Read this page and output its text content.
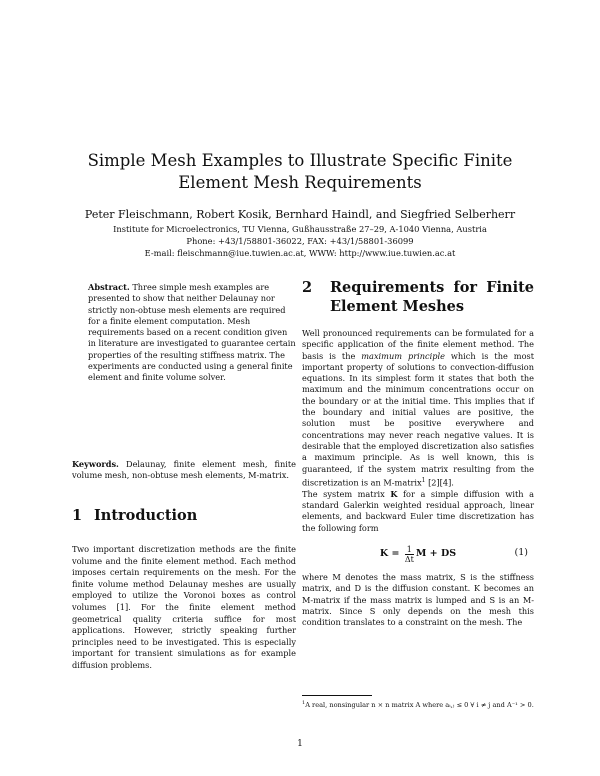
Simple Mesh Examples to Illustrate Specific Finite Element Mesh Requirements
Peter Fleischmann, Robert Kosik, Bernhard Haindl, and Siegfried Selberherr
Institute for Microelectronics, TU Vienna, Gußhausstraße 27–29, A-1040 Vienna, Austria
Phone: +43/1/58801-36022, FAX: +43/1/58801-36099
E-mail: fleischmann@iue.tuwien.ac.at, WWW: http://www.iue.tuwien.ac.at
Abstract. Three simple mesh examples are presented to show that neither Delaunay nor strictly non-obtuse mesh elements are required for a finite element computation. Mesh requirements based on a recent condition given in literature are investigated to guarantee certain properties of the resulting stiffness matrix. The experiments are conducted using a general finite element and finite volume solver.
Keywords. Delaunay, finite element mesh, finite volume mesh, non-obtuse mesh elements, M-matrix.
1 Introduction
Two important discretization methods are the finite volume and the finite element method. Each method imposes certain requirements on the mesh. For the finite volume method Delaunay meshes are usually employed to utilize the Voronoi boxes as control volumes [1]. For the finite element method geometrical quality criteria suffice for most applications. However, strictly speaking further principles need to be investigated. This is especially important for transient simulations as for example diffusion problems.
2	Requirements for Finite
Element Meshes

Well pronounced requirements can be formulated for a specific application of the finite element method. The basis is the maximum principle which is the most important property of solutions to convection-diffusion equations. In its simplest form it states that both the maximum and the minimum concentrations occur on the boundary or at the initial time. This implies that if the boundary and initial values are positive, the solution must be positive everywhere and concentrations may never reach negative values. It is desirable that the employed discretization also satisfies a maximum principle. As is well known, this is guaranteed, if the system matrix resulting from the discretization is an M-matrix$^1$ [2][4].

The system matrix K for a simple diffusion with a standard Galerkin weighted residual approach, linear elements, and backward Euler time discretization has the following form

$K = \frac{1}{\Delta t}$ M + DS	(1)

where M denotes the mass matrix, S is the stiffness matrix, and D is the diffusion constant. K becomes an M-matrix if the mass matrix is lumped and S is an M-matrix. Since S only depends on the mesh this condition translates to a constraint on the mesh. The

$^1$A real, nonsingular n × n matrix A where aᵢ,ⱼ ≤ 0 ∀ i ≠ j and A⁻¹ > 0.
1
